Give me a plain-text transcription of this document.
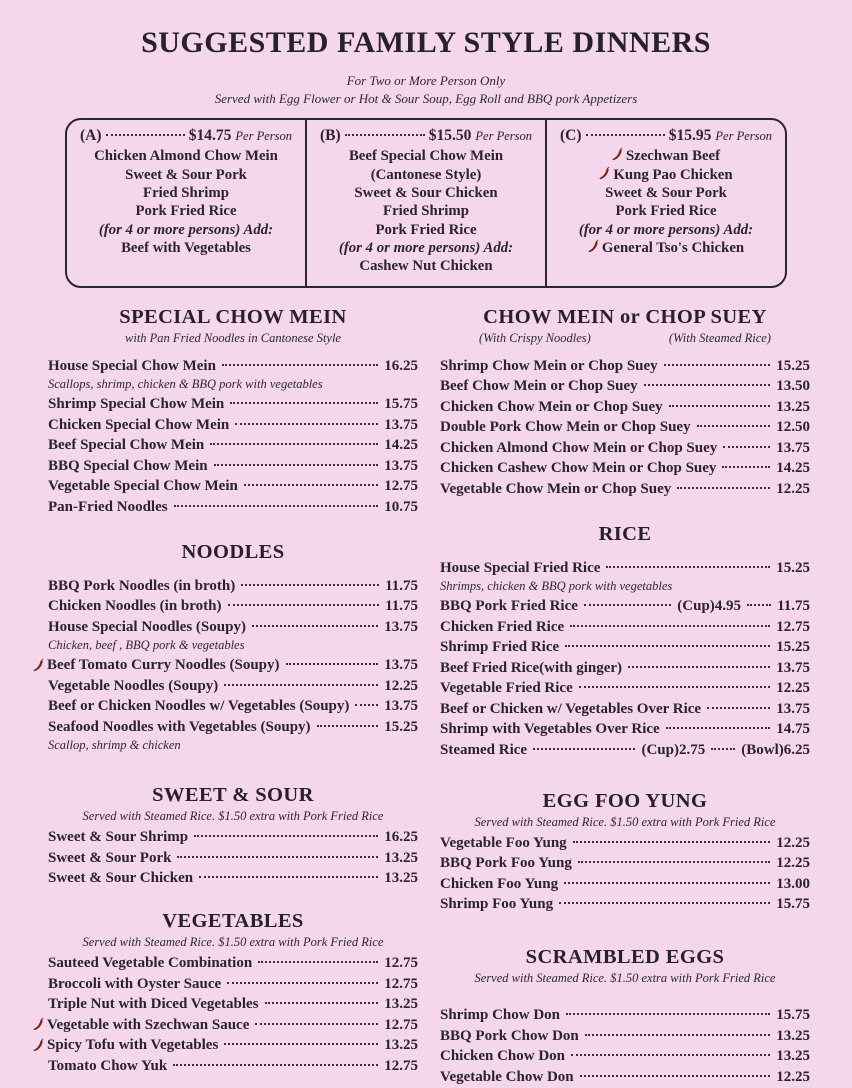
SUGGESTED FAMILY STYLE DINNERS
For Two or More Person Only
Served with Egg Flower or Hot & Sour Soup, Egg Roll and BBQ pork Appetizers
(A)	$14.75 Per Person
Chicken Almond Chow Mein
Sweet & Sour Pork
Fried Shrimp
Pork Fried Rice
(for 4 or more persons) Add:
Beef with Vegetables
(B)	$15.50 Per Person
Beef Special Chow Mein
(Cantonese Style)
Sweet & Sour Chicken
Fried Shrimp
Pork Fried Rice
(for 4 or more persons) Add:
Cashew Nut Chicken
(C)	$15.95 Per Person
Szechwan Beef
Kung Pao Chicken
Sweet & Sour Pork
Pork Fried Rice
(for 4 or more persons) Add:
General Tso's Chicken
SPECIAL CHOW MEIN
with Pan Fried Noodles in Cantonese Style
House Special Chow Mein	16.25
Scallops, shrimp, chicken & BBQ pork with vegetables
Shrimp Special Chow Mein	15.75
Chicken Special Chow Mein	13.75
Beef Special Chow Mein	14.25
BBQ Special Chow Mein	13.75
Vegetable Special Chow Mein	12.75
Pan-Fried Noodles	10.75
NOODLES
BBQ Pork Noodles (in broth)	11.75
Chicken Noodles (in broth)	11.75
House Special Noodles (Soupy)	13.75
Chicken, beef , BBQ pork & vegetables
Beef Tomato Curry Noodles (Soupy)	13.75
Vegetable Noodles (Soupy)	12.25
Beef or Chicken Noodles w/ Vegetables (Soupy) 13.75
Seafood Noodles with Vegetables (Soupy)	15.25
Scallop, shrimp & chicken
SWEET & SOUR
Served with Steamed Rice. $1.50 extra with Pork Fried Rice
Sweet & Sour Shrimp	16.25
Sweet & Sour Pork	13.25
Sweet & Sour Chicken	13.25
VEGETABLES
Served with Steamed Rice. $1.50 extra with Pork Fried Rice
Sauteed Vegetable Combination	12.75
Broccoli with Oyster Sauce	12.75
Triple Nut with Diced Vegetables	13.25
Vegetable with Szechwan Sauce	12.75
Spicy Tofu with Vegetables	13.25
Tomato Chow Yuk	12.75
CHOW MEIN or CHOP SUEY
(With Crispy Noodles)	(With Steamed Rice)
Shrimp Chow Mein or Chop Suey	15.25
Beef Chow Mein or Chop Suey	13.50
Chicken Chow Mein or Chop Suey	13.25
Double Pork Chow Mein or Chop Suey	12.50
Chicken Almond Chow Mein or Chop Suey	13.75
Chicken Cashew Chow Mein or Chop Suey	14.25
Vegetable Chow Mein or Chop Suey	12.25
RICE
House Special Fried Rice	15.25
Shrimps, chicken & BBQ pork with vegetables
BBQ Pork Fried Rice	(Cup)4.95 11.75
Chicken Fried Rice	12.75
Shrimp Fried Rice	15.25
Beef Fried Rice(with ginger)	13.75
Vegetable Fried Rice	12.25
Beef or Chicken w/ Vegetables Over Rice	13.75
Shrimp with Vegetables Over Rice	14.75
Steamed Rice	(Cup)2.75 (Bowl)6.25
EGG FOO YUNG
Served with Steamed Rice. $1.50 extra with Pork Fried Rice
Vegetable Foo Yung	12.25
BBQ Pork Foo Yung	12.25
Chicken Foo Yung	13.00
Shrimp Foo Yung	15.75
SCRAMBLED EGGS
Served with Steamed Rice. $1.50 extra with Pork Fried Rice
Shrimp Chow Don	15.75
BBQ Pork Chow Don	13.25
Chicken Chow Don	13.25
Vegetable Chow Don	12.25
